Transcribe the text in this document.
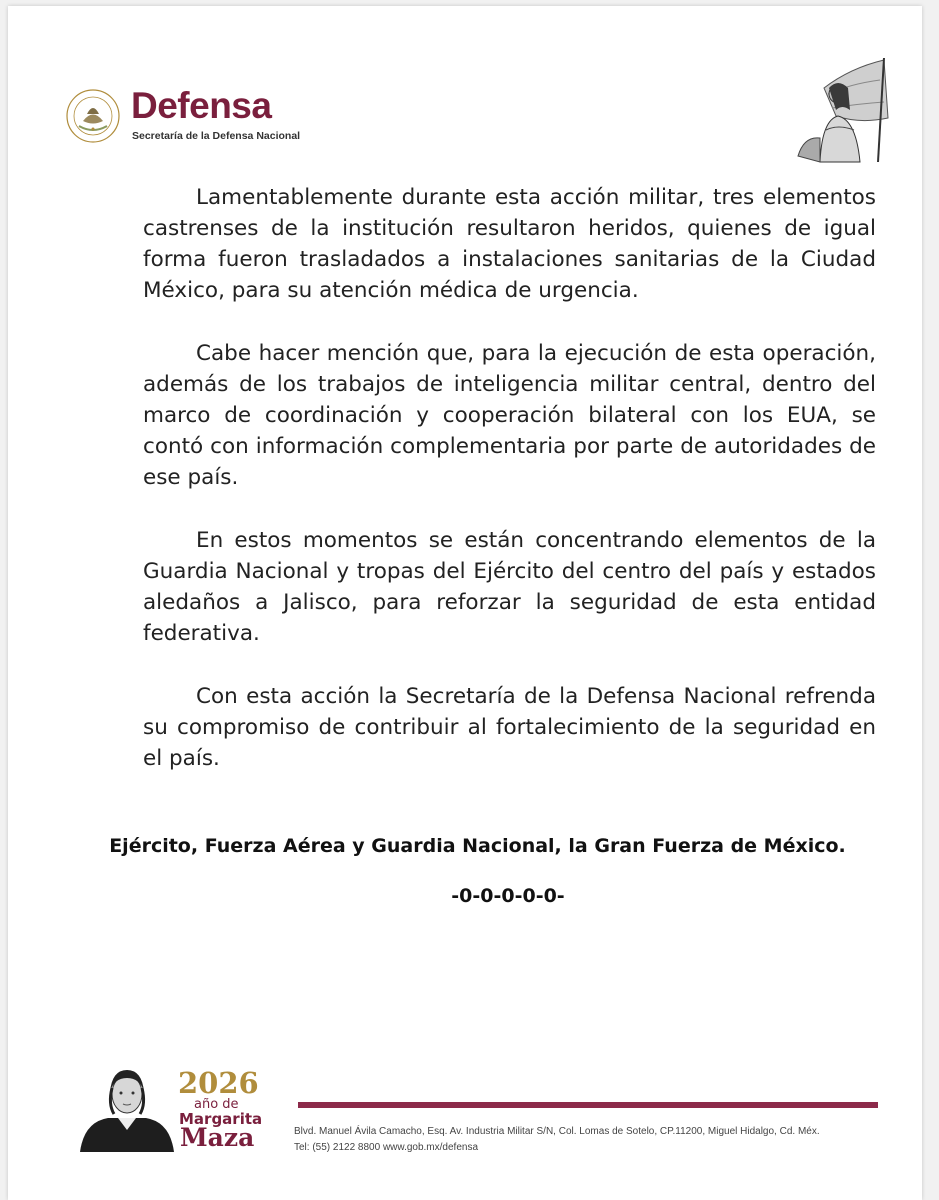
Defensa
Secretaría de la Defensa Nacional

Lamentablemente durante esta acción militar, tres elementos castrenses de la institución resultaron heridos, quienes de igual forma fueron trasladados a instalaciones sanitarias de la Ciudad México, para su atención médica de urgencia.

Cabe hacer mención que, para la ejecución de esta operación, además de los trabajos de inteligencia militar central, dentro del marco de coordinación y cooperación bilateral con los EUA, se contó con información complementaria por parte de autoridades de ese país.

En estos momentos se están concentrando elementos de la Guardia Nacional y tropas del Ejército del centro del país y estados aledaños a Jalisco, para reforzar la seguridad de esta entidad federativa.

Con esta acción la Secretaría de la Defensa Nacional refrenda su compromiso de contribuir al fortalecimiento de la seguridad en el país.

Ejército, Fuerza Aérea y Guardia Nacional, la Gran Fuerza de México.
-0-0-0-0-0-
2026
año de
Margarita
Maza	Blvd. Manuel Ávila Camacho, Esq. Av. Industria Militar S/N, Col. Lomas de Sotelo, CP.11200, Miguel Hidalgo, Cd. Méx.
Tel: (55) 2122 8800 www.gob.mx/defensa
